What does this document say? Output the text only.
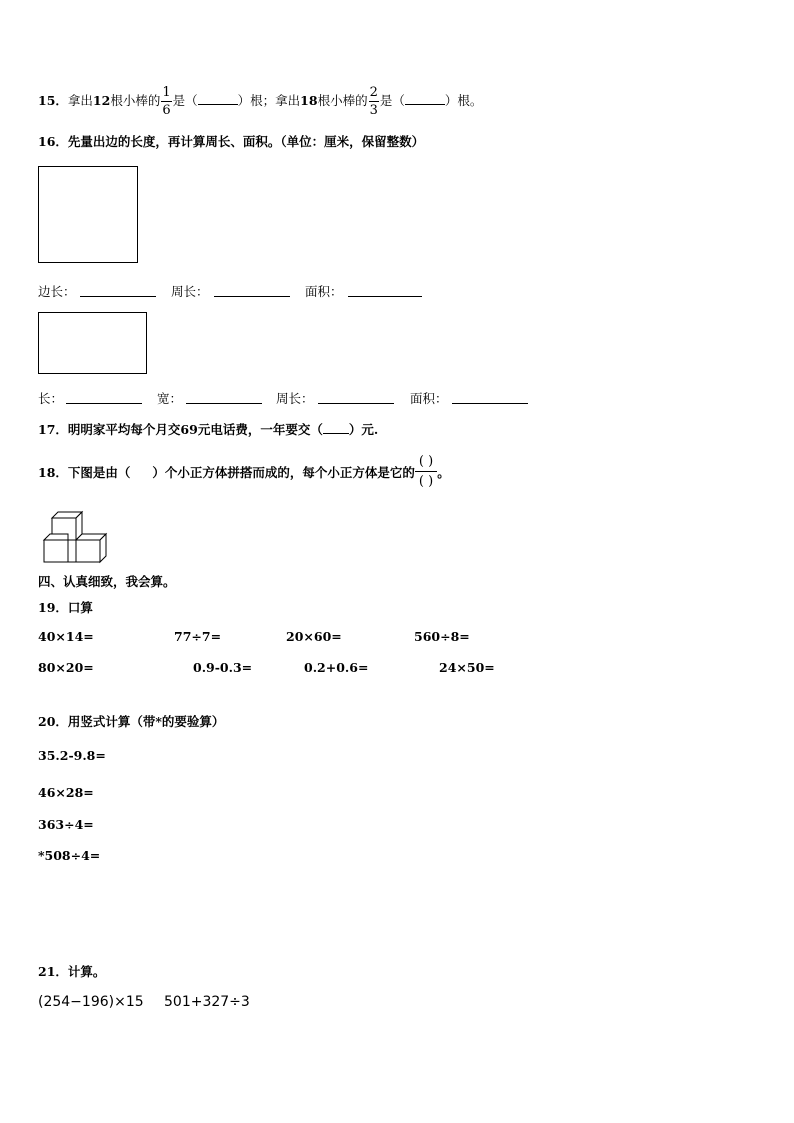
15．拿出12根小棒的 $\frac{1}{6}$ 是（	）根；拿出18根小棒的 $\frac{2}{3}$ 是（	）根。
16．先量出边的长度，再计算周长、面积。（单位：厘米，保留整数）
边长：	周长：	面积：
长：	宽：	周长：	面积：
17．明明家平均每个月交69元电话费，一年要交（ ）元.
18．下图是由（ ）个小正方体拼搭而成的，每个小正方体是它的
( )
( )
。
四、认真细致，我会算。
19．口算
40×14=	77÷7=	20×60=	560÷8=
80×20=	0.9-0.3=	0.2+0.6=	24×50=
20．用竖式计算（带*的要验算）
35.2-9.8=
46×28=
363÷4=
*508÷4=
21．计算。
(254−196)×15 501+327÷3
